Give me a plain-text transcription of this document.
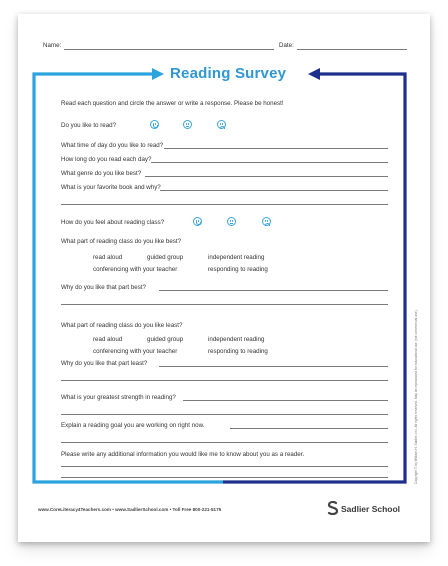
Name:	Date:
Reading Survey
Read each question and circle the answer or write a response. Please be honest!
Do you like to read?
What time of day do you like to read?
How long do you read each day?
What genre do you like best?
What is your favorite book and why?
How do you feel about reading class?
What part of reading class do you like best?
read aloud	guided group	independent reading
conferencing with your teacher	responding to reading
Why do you like that part best?
What part of reading class do you like least?
read aloud	guided group	independent reading
conferencing with your teacher	responding to reading
Why do you like that part least?
What is your greatest strength in reading?
Explain a reading goal you are working on right now.
Please write any additional information you would like me to know about you as a reader.
www.CoreLiteracy4Teachers.com • www.SadlierSchool.com • Toll Free 800-221-5175	Sadlier School
Copyright © by William H. Sadlier, Inc. All rights reserved. May be reproduced for educational use (not commercial use).
